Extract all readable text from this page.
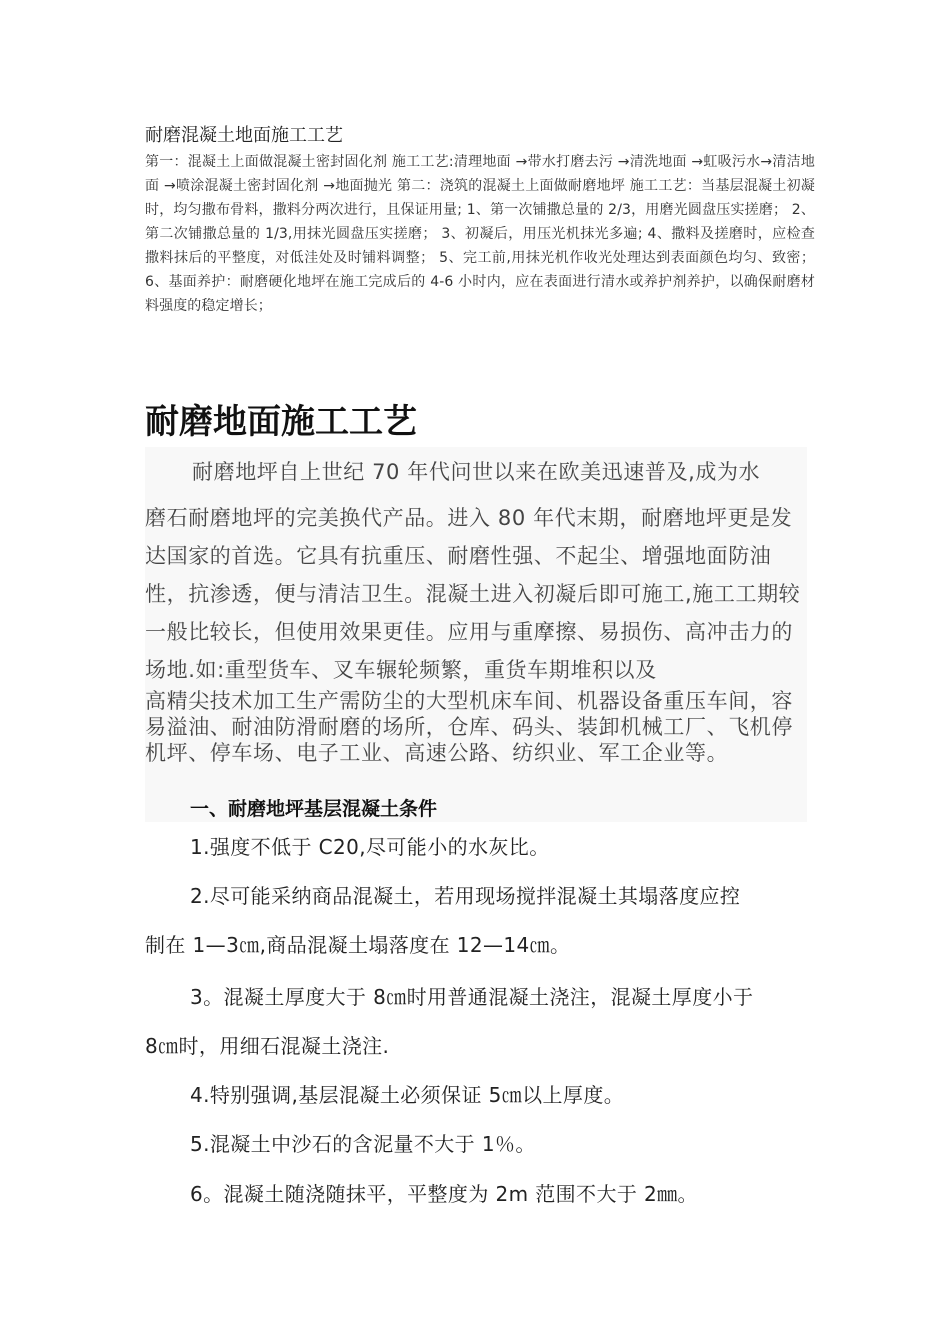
耐磨混凝土地面施工工艺
第一：混凝土上面做混凝土密封固化剂 施工工艺:清理地面 →带水打磨去污 →清洗地面 →虹吸污水→清洁地面 →喷涂混凝土密封固化剂 →地面抛光 第二：浇筑的混凝土上面做耐磨地坪 施工工艺：当基层混凝土初凝时，均匀撒布骨料，撒料分两次进行，且保证用量; 1、第一次铺撒总量的 2/3，用磨光圆盘压实搓磨； 2、第二次铺撒总量的 1/3,用抹光圆盘压实搓磨； 3、初凝后，用压光机抹光多遍; 4、撒料及搓磨时，应检查撒料抹后的平整度，对低洼处及时铺料调整； 5、完工前,用抹光机作收光处理达到表面颜色均匀、致密； 6、基面养护：耐磨硬化地坪在施工完成后的 4-6 小时内，应在表面进行清水或养护剂养护，以确保耐磨材料强度的稳定增长；
耐磨地面施工工艺

耐磨地坪自上世纪 70 年代问世以来在欧美迅速普及,成为水

磨石耐磨地坪的完美换代产品。进入 80 年代末期，耐磨地坪更是发达国家的首选。它具有抗重压、耐磨性强、不起尘、增强地面防油性，抗渗透，便与清洁卫生。混凝土进入初凝后即可施工,施工工期较一般比较长，但使用效果更佳。应用与重摩擦、易损伤、高冲击力的场地.如:重型货车、叉车辗轮频繁，重货车期堆积以及

高精尖技术加工生产需防尘的大型机床车间、机器设备重压车间，容易溢油、耐油防滑耐磨的场所，仓库、码头、装卸机械工厂、飞机停机坪、停车场、电子工业、高速公路、纺织业、军工企业等。

一、耐磨地坪基层混凝土条件
1.强度不低于 C20,尽可能小的水灰比。
2.尽可能采纳商品混凝土，若用现场搅拌混凝土其塌落度应控
制在 1—3㎝,商品混凝土塌落度在 12—14㎝。
3。混凝土厚度大于 8㎝时用普通混凝土浇注，混凝土厚度小于
8㎝时，用细石混凝土浇注.
4.特别强调,基层混凝土必须保证 5㎝以上厚度。
5.混凝土中沙石的含泥量不大于 1％。
6。混凝土随浇随抹平，平整度为 2m 范围不大于 2㎜。
